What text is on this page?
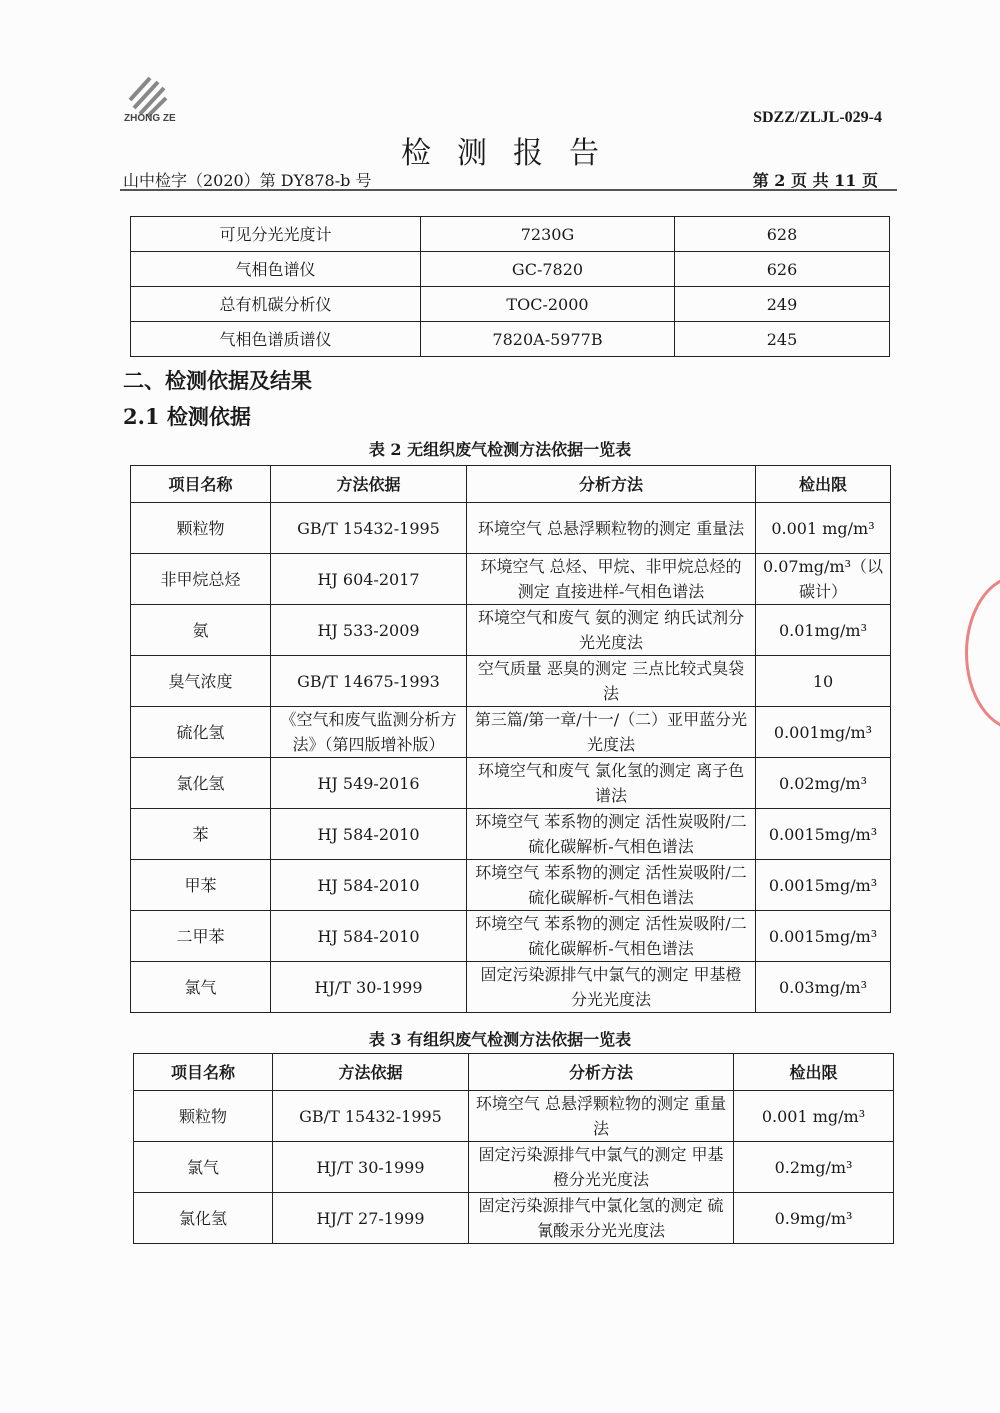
ZHONG ZE	SDZZ/ZLJL-029-4
检测报告
山中检字（2020）第 DY878-b 号	第 2 页 共 11 页
可见分光光度计	7230G	628
气相色谱仪	GC-7820	626
总有机碳分析仪	TOC-2000	249
气相色谱质谱仪	7820A-5977B	245
二、检测依据及结果
2.1 检测依据
表 2 无组织废气检测方法依据一览表
项目名称	方法依据	分析方法	检出限
颗粒物	GB/T 15432-1995	环境空气 总悬浮颗粒物的测定 重量法	0.001 mg/m³
非甲烷总烃	HJ 604-2017	环境空气 总烃、甲烷、非甲烷总烃的测定 直接进样-气相色谱法	0.07mg/m³（以碳计）
氨	HJ 533-2009	环境空气和废气 氨的测定 纳氏试剂分光光度法	0.01mg/m³
臭气浓度	GB/T 14675-1993	空气质量 恶臭的测定 三点比较式臭袋法	10
硫化氢	《空气和废气监测分析方法》（第四版增补版）	第三篇/第一章/十一/（二）亚甲蓝分光光度法	0.001mg/m³
氯化氢	HJ 549-2016	环境空气和废气 氯化氢的测定 离子色谱法	0.02mg/m³
苯	HJ 584-2010	环境空气 苯系物的测定 活性炭吸附/二硫化碳解析-气相色谱法	0.0015mg/m³
甲苯	HJ 584-2010	环境空气 苯系物的测定 活性炭吸附/二硫化碳解析-气相色谱法	0.0015mg/m³
二甲苯	HJ 584-2010	环境空气 苯系物的测定 活性炭吸附/二硫化碳解析-气相色谱法	0.0015mg/m³
氯气	HJ/T 30-1999	固定污染源排气中氯气的测定 甲基橙分光光度法	0.03mg/m³
表 3 有组织废气检测方法依据一览表
项目名称	方法依据	分析方法	检出限
颗粒物	GB/T 15432-1995	环境空气 总悬浮颗粒物的测定 重量法	0.001 mg/m³
氯气	HJ/T 30-1999	固定污染源排气中氯气的测定 甲基橙分光光度法	0.2mg/m³
氯化氢	HJ/T 27-1999	固定污染源排气中氯化氢的测定 硫氰酸汞分光光度法	0.9mg/m³
